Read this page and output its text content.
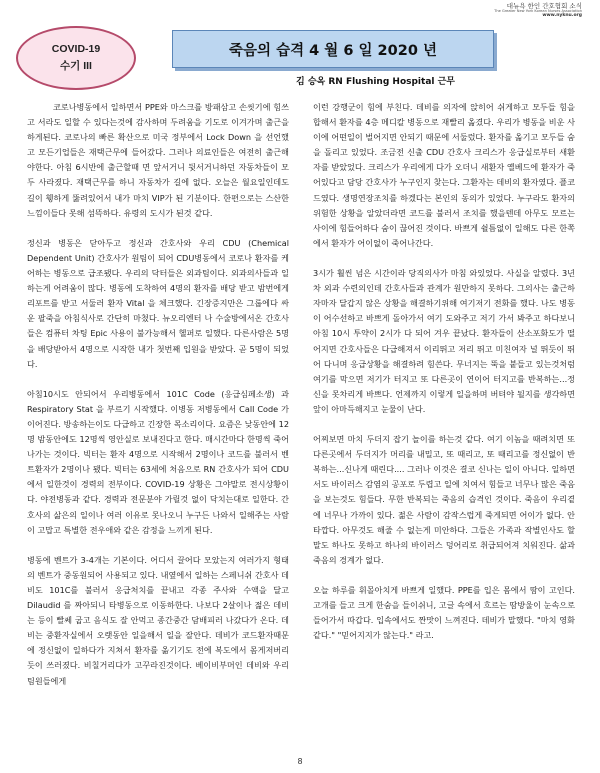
대뉴욕 한인 간호협회 소식
The Greater New York Korean Nurses Association
www.nyknu.org
COVID-19
수기 III
죽음의 습격 4 월 6 일 2020 년
김 승옥 RN Flushing Hospital 근무

코로나병동에서 일하면서 PPE와 마스크를 방패삼고 손씻기에 힘쓰고 서라도 일할 수 있다는것에 감사하며 두려움을 기도로 이겨가며 출근을 하게된다. 코로나의 빠른 확산으로 미국 정부에서 Lock Down 을 선언했고 모든기업들은 재택근무에 들어갔다. 그러나 의료인들은 여전히 출근해야한다. 아침 6시반에 출근할때 면 앞서거니 뒷서거니하던 자동차들이 모두 사라졌다. 재택근무를 하니 자동차가 길에 없다. 오늘은 월요일인데도 길이 휑하게 뚫려있어서 내가 마치 VIP가 된 기분이다. 한편으로는 스산한 느낌이들다 못해 섬뜩하다. 유령의 도시가 된것 같다.

정신과 병동은 닫아두고 정신과 간호사와 우리 CDU (Chemical Dependent Unit) 간호사가 원팀이 되어 CDU병동에서 코로나 환자를 케어하는 병동으로 급조됐다. 우리의 닥터들은 외과팀이다. 외과의사들과 일하는게 어려움이 많다. 병동에 도착하여 4명의 환자를 배당 받고 밤번에게 리포트를 받고 서둘러 환자 Vital 을 체크했다. 긴장증지만은 그룹에다 싸운 팔죽을 아침식사로 간단히 마쳤다. 뉴오리엔터 나 수술방에서온 간호사들은 컴퓨터 차팅 Epic 사용이 불가능해서 헬퍼로 일했다. 다른사람은 5명을 배당받아서 4명으로 시작한 내가 첫번째 입원을 받았다. 곧 5명이 되었다.

아침10시도 안되어서 우리병동에서 101C Code (응급심페소생) 과 Respiratory Stat 을 부르기 시작했다. 이병동 저병동에서 Call Code 가 이어진다. 방송하는이도 다급하고 긴장한 목소리이다. 요즘은 낮동안에 12명 밤동안에도 12명씩 영안실로 보내진다고 한다. 매시간마다 한명씩 죽어 나가는 것이다. 빅터는 환자 4명으로 시작해서 2명이나 코드를 불러서 벤트환자가 2명이나 됐다. 빅터는 63세에 처음으로 RN 간호사가 되어 CDU 에서 일한것이 경력의 전부이다. COVID-19 상황은 그야말로 전시상황이다. 야전병동과 같다. 경력과 전문분야 가릴것 없이 닥치는대로 일한다. 간호사의 삶은의 일이나 여러 이유로 못나오니 누구든 나와서 일해주는 사람이 고맙고 특별한 전우애와 같은 감정을 느끼게 된다.

병동에 벤트가 3-4개는 기본이다. 어디서 끌어다 모았는지 여러가지 형태의 벤트가 중동원되어 사용되고 있다. 내옆에서 일하는 스페니쉬 간호사 데비도 101C를 불러서 응급처치를 끝내고 각종 주사와 수액을 달고 Dilaudid 를 짜아되니 타병동으로 이동하한다. 나보다 2살이나 젊은 데비는 등이 빨쎄 굽고 음식도 잘 안먹고 종간중간 담배피러 나갔다가 온다. 데비는 중환자실에서 오랫동안 일을해서 일을 잘안다. 데비가 코드환자때문에 정신없이 일하다가 지쳐서 환자를 옮기기도 전에 복도에서 몸게저버리듯이 쓰러졌다. 비칠거리다가 고꾸라진것이다. 베이비부머인 데비와 우리팀원들에게

이런 강행군이 힘에 부친다. 데비를 의자에 앉히어 쉬게하고 모두들 힘을 합해서 환자를 4층 메디칼 병동으로 재빨리 옮겼다. 우리가 병동을 비운 사이에 어떤일이 벌어지면 안되기 때문에 서둘렀다. 환자를 옮기고 모두들 숨을 돌리고 있었다. 조금전 신출 CDU 간호사 크리스가 응급실로부터 새환자를 받았었다. 크리스가 우리에게 다가 오더니 새환자 옐베드에 환자가 죽어있다고 담당 간호사가 누구인지 찾는다. 그환자는 데비의 환자였다. 플코드였다. 생명연장조치를 하겠다는 본인의 동의가 있었다. 누구라도 환자의 위험한 상황을 알았더라면 코드를 불러서 조치를 했을텐데 아무도 모르는 사이에 힘들어하다 숨이 끊어진 것이다. 바쁘게 쉴틈없이 일해도 다른 한쪽에서 환자가 어이없이 죽어나간다.

3시가 훨씬 넘은 시간이라 당직의사가 마침 와있었다. 사실을 알렸다. 3년차 외과 수련의인데 간호사들과 관계가 원만하지 못하다. 그의사는 출근하자마자 달갑지 않은 상황을 해결하기위해 여기저기 전화를 했다. 나도 병동이 어수선하고 바쁘게 돌아가서 여기 도와주고 저기 가서 봐주고 하다보니 아침 10시 투약이 2시가 다 되어 겨우 끝났다. 환자들이 산소포화도가 떨어지면 간호사들은 다급해져서 이리뛰고 저리 뛰고 미친여자 널 뛰듯이 뛰어 다니며 응급상황을 해결하려 힘쓴다. 무너지는 뚝을 붙들고 있는것처럼 여기를 막으면 저기가 터지고 또 다른곳이 연이어 터지고를 반복하는...정신을 못차리게 바쁘다. 언제까지 이렇게 일을하며 버텨야 될지를 생각하면 앞이 아마득해지고 눈물이 난다.

어찌보면 마치 두더지 잡기 놀이를 하는것 같다. 여기 이놈을 때려치면 또 다른곳에서 두더지가 머리를 내밀고, 또 때리고, 또 때리고를 정신없이 반복하는...신나게 때린다.... 그러나 이것은 결코 신나는 일이 아니다. 일하면서도 바이러스 감염의 공포로 두렵고 일에 치여서 힘들고 너무나 많은 죽음을 보는것도 힘들다. 무한 반복되는 죽음의 습격인 것이다. 죽음이 우리곁에 너무나 가까이 있다. 젊은 사람이 감작스럽게 죽게되면 어이가 없다. 안타깝다. 아무것도 해줄 수 없는게 미안하다. 그들은 가족과 작별인사도 할말도 하나도 못하고 하나의 바이러스 덩어리로 취급되어져 치워진다. 삶과 죽음의 경계가 없다.

오늘 하루를 휘몰아치게 바쁘게 일했다. PPE를 입은 몸에서 땀이 고인다. 고개를 들고 크게 한숨을 들이쉬니, 고글 속에서 흐르는 땀방울이 눈속으로 들어가서 따갑다. 입속에서도 짠맛이 느껴진다. 데비가 말했다. "마치 영화같다." "믿어지지가 않는다." 라고.

8
